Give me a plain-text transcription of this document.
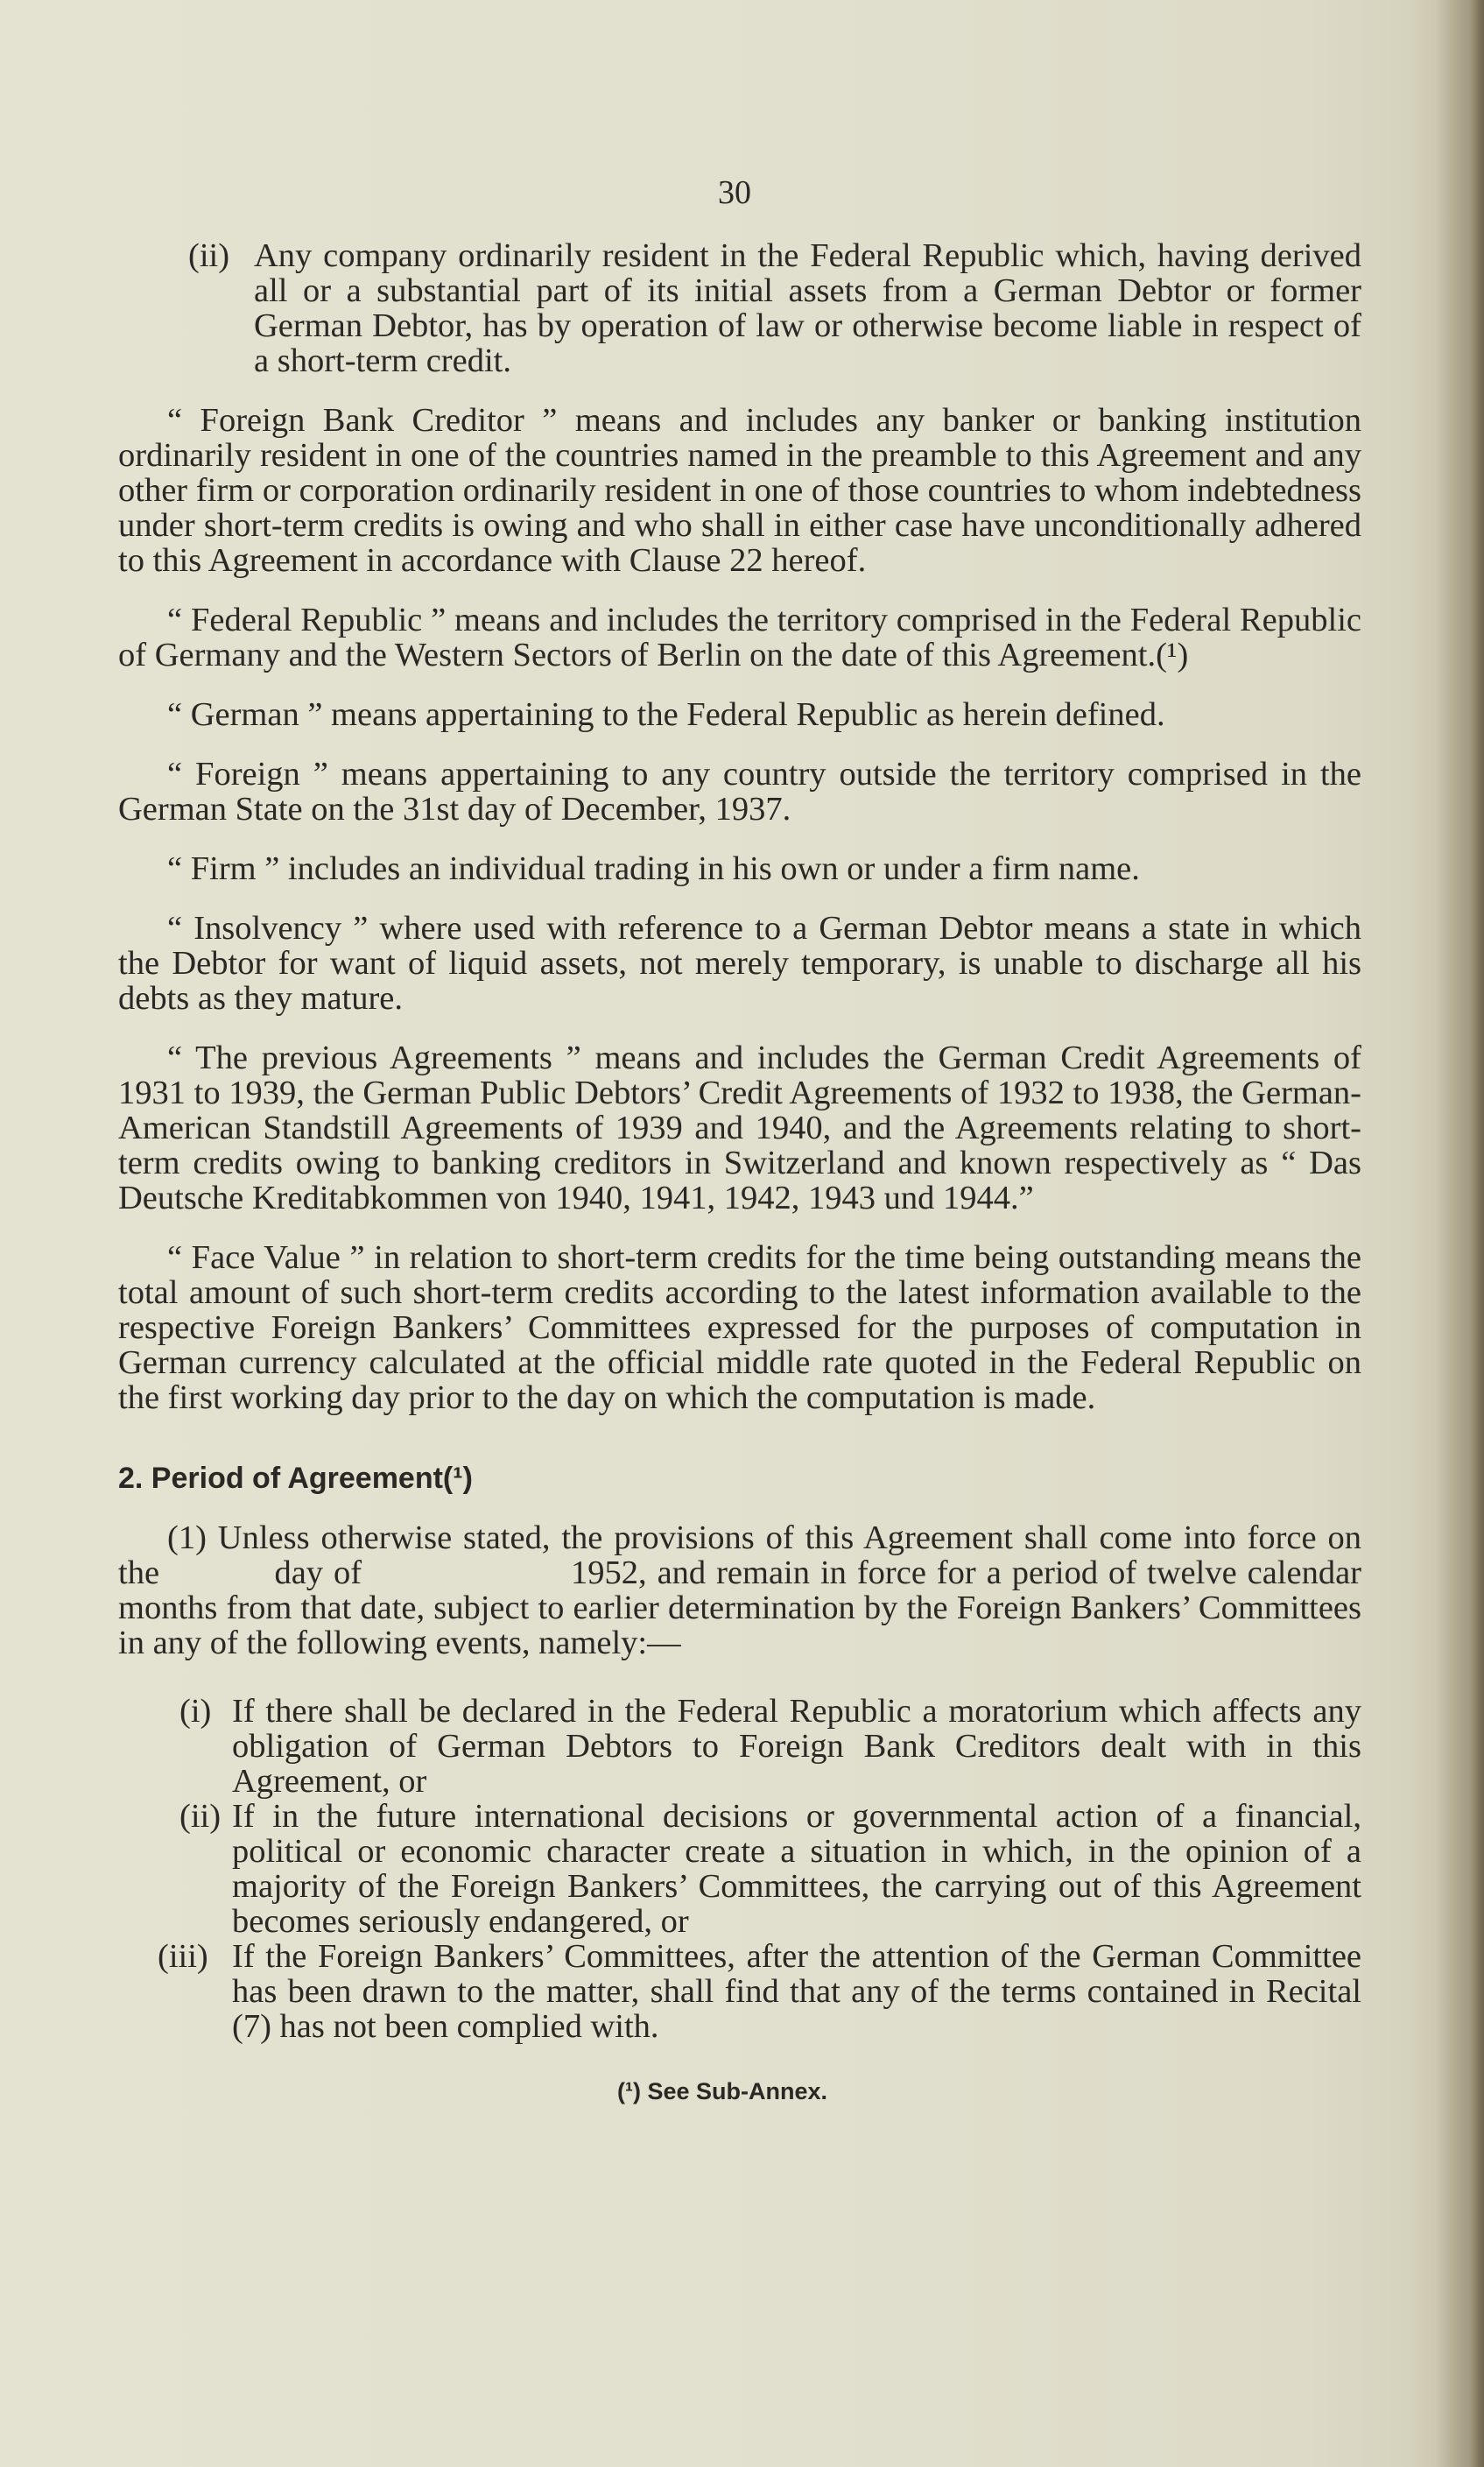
30
(ii) Any company ordinarily resident in the Federal Republic which, having derived all or a substantial part of its initial assets from a German Debtor or former German Debtor, has by operation of law or otherwise become liable in respect of a short-term credit.

“ Foreign Bank Creditor ” means and includes any banker or banking institution ordinarily resident in one of the countries named in the preamble to this Agreement and any other firm or corporation ordinarily resident in one of those countries to whom indebtedness under short-term credits is owing and who shall in either case have unconditionally adhered to this Agreement in accordance with Clause 22 hereof.

“ Federal Republic ” means and includes the territory comprised in the Federal Republic of Germany and the Western Sectors of Berlin on the date of this Agreement.(¹)

“ German ” means appertaining to the Federal Republic as herein defined.

“ Foreign ” means appertaining to any country outside the territory comprised in the German State on the 31st day of December, 1937.

“ Firm ” includes an individual trading in his own or under a firm name.

“ Insolvency ” where used with reference to a German Debtor means a state in which the Debtor for want of liquid assets, not merely temporary, is unable to discharge all his debts as they mature.

“ The previous Agreements ” means and includes the German Credit Agreements of 1931 to 1939, the German Public Debtors’ Credit Agreements of 1932 to 1938, the German-American Standstill Agreements of 1939 and 1940, and the Agreements relating to short-term credits owing to banking creditors in Switzerland and known respectively as “ Das Deutsche Kreditabkommen von 1940, 1941, 1942, 1943 und 1944.”

“ Face Value ” in relation to short-term credits for the time being outstanding means the total amount of such short-term credits according to the latest information available to the respective Foreign Bankers’ Committees expressed for the purposes of computation in German currency calculated at the official middle rate quoted in the Federal Republic on the first working day prior to the day on which the computation is made.

2. Period of Agreement(¹)

(1) Unless otherwise stated, the provisions of this Agreement shall come into force on the           day of                    1952, and remain in force for a period of twelve calendar months from that date, subject to earlier determination by the Foreign Bankers’ Committees in any of the following events, namely:—

(i) If there shall be declared in the Federal Republic a moratorium which affects any obligation of German Debtors to Foreign Bank Creditors dealt with in this Agreement, or
(ii) If in the future international decisions or governmental action of a financial, political or economic character create a situation in which, in the opinion of a majority of the Foreign Bankers’ Committees, the carrying out of this Agreement becomes seriously endangered, or
(iii) If the Foreign Bankers’ Committees, after the attention of the German Committee has been drawn to the matter, shall find that any of the terms contained in Recital (7) has not been complied with.
(¹) See Sub-Annex.
